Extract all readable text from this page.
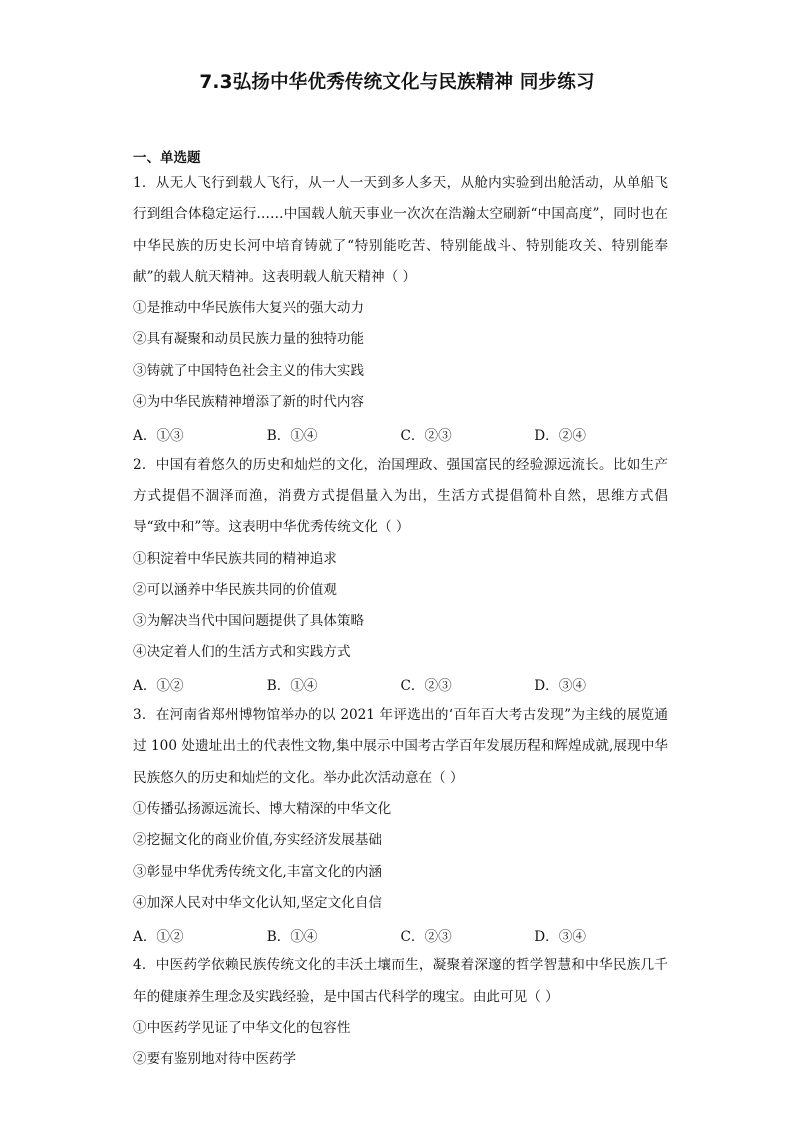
7.3弘扬中华优秀传统文化与民族精神 同步练习
一、单选题

1．从无人飞行到载人飞行，从一人一天到多人多天，从舱内实验到出舱活动，从单船飞行到组合体稳定运行……中国载人航天事业一次次在浩瀚太空刷新“中国高度”，同时也在中华民族的历史长河中培育铸就了“特别能吃苦、特别能战斗、特别能攻关、特别能奉献”的载人航天精神。这表明载人航天精神（ ）

①是推动中华民族伟大复兴的强大动力

②具有凝聚和动员民族力量的独特功能

③铸就了中国特色社会主义的伟大实践

④为中华民族精神增添了新的时代内容

A．①③	B．①④	C．②③	D．②④

2．中国有着悠久的历史和灿烂的文化，治国理政、强国富民的经验源远流长。比如生产方式提倡不涸泽而渔，消费方式提倡量入为出，生活方式提倡简朴自然，思维方式倡导“致中和”等。这表明中华优秀传统文化（ ）

①积淀着中华民族共同的精神追求

②可以涵养中华民族共同的价值观

③为解决当代中国问题提供了具体策略

④决定着人们的生活方式和实践方式

A．①②	B．①④	C．②③	D．③④

3．在河南省郑州博物馆举办的以 2021 年评选出的‘百年百大考古发现”为主线的展览通过 100 处遗址出土的代表性文物,集中展示中国考古学百年发展历程和辉煌成就,展现中华民族悠久的历史和灿烂的文化。举办此次活动意在（ ）

①传播弘扬源远流长、博大精深的中华文化

②挖掘文化的商业价值,夯实经济发展基础

③彰显中华优秀传统文化,丰富文化的内涵

④加深人民对中华文化认知,坚定文化自信

A．①②	B．①④	C．②③	D．③④

4．中医药学依赖民族传统文化的丰沃土壤而生，凝聚着深邃的哲学智慧和中华民族几千年的健康养生理念及实践经验，是中国古代科学的瑰宝。由此可见（ ）

①中医药学见证了中华文化的包容性

②要有鉴别地对待中医药学
